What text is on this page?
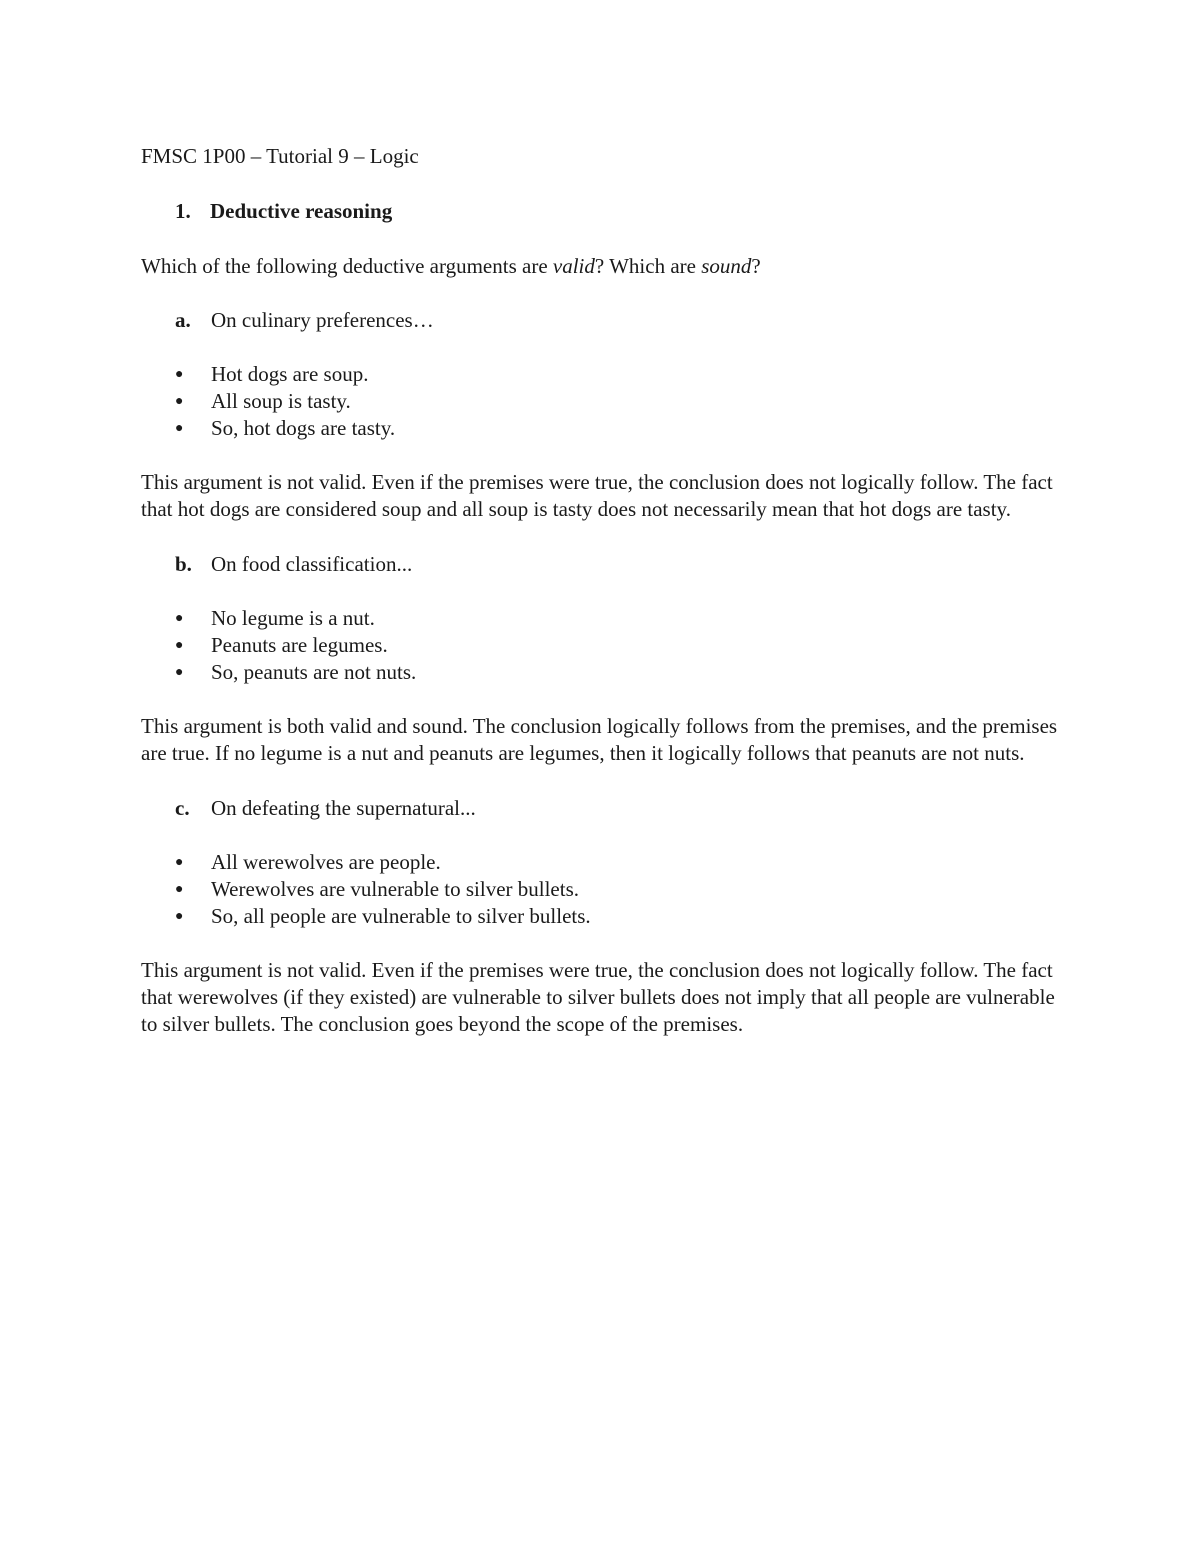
FMSC 1P00 – Tutorial 9 – Logic
1. Deductive reasoning
Which of the following deductive arguments are valid? Which are sound?
a. On culinary preferences…
●	Hot dogs are soup.
●	All soup is tasty.
●	So, hot dogs are tasty.
This argument is not valid. Even if the premises were true, the conclusion does not logically follow. The fact that hot dogs are considered soup and all soup is tasty does not necessarily mean that hot dogs are tasty.
b. On food classification...
●	No legume is a nut.
●	Peanuts are legumes.
●	So, peanuts are not nuts.
This argument is both valid and sound. The conclusion logically follows from the premises, and the premises are true. If no legume is a nut and peanuts are legumes, then it logically follows that peanuts are not nuts.
c.	On defeating the supernatural...
●	All werewolves are people.
●	Werewolves are vulnerable to silver bullets.
●	So, all people are vulnerable to silver bullets.
This argument is not valid. Even if the premises were true, the conclusion does not logically follow. The fact that werewolves (if they existed) are vulnerable to silver bullets does not imply that all people are vulnerable to silver bullets. The conclusion goes beyond the scope of the premises.
